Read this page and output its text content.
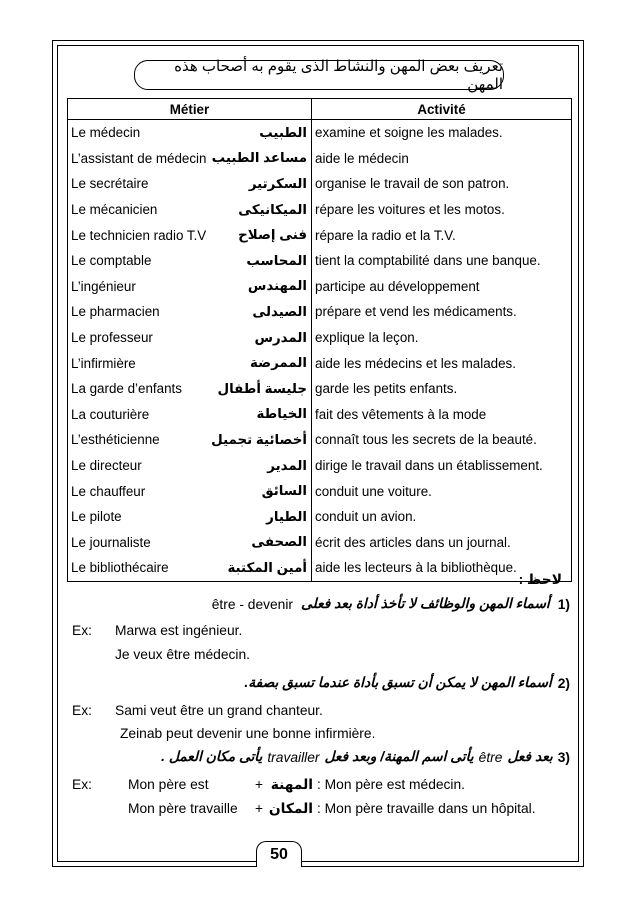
تعريف بعض المهن والنشاط الذى يقوم به أصحاب هذه المهن
Métier	Activité

Le médecin الطبيب	examine et soigne les malades.

L’assistant de médecin مساعد الطبيب	aide le médecin

Le secrétaire السكرتير	organise le travail de son patron.

Le mécanicien الميكانيكى	répare les voitures et les motos.

Le technicien radio T.V فنى إصلاح	répare la radio et la T.V.

Le comptable المحاسب	tient la comptabilité dans une banque.

L’ingénieur المهندس	participe au développement

Le pharmacien الصيدلى	prépare et vend les médicaments.

Le professeur المدرس	explique la leçon.

L’infirmière الممرضة	aide les médecins et les malades.

La garde d’enfants جليسة أطفال	garde les petits enfants.

La couturière الخياطة	fait des vêtements à la mode

L’esthéticienne أخصائية تجميل	connaît tous les secrets de la beauté.

Le directeur المدير	dirige le travail dans un établissement.

Le chauffeur السائق	conduit une voiture.

Le pilote الطيار	conduit un avion.

Le journaliste الصحفى	écrit des articles dans un journal.

Le bibliothécaire أمين المكتبة	aide les lecteurs à la bibliothèque.
لاحظ :
être - devenir أسماء المهن والوظائف لا تأخذ أداة بعد فعلى 1)
Ex: Marwa est ingénieur.
Je veux être médecin.
أسماء المهن لا يمكن أن تسبق بأداة عندما تسبق بصفة. 2)
Ex: Sami veut être un grand chanteur.
Zeinab peut devenir une bonne infirmière.
يأتى مكان العمل . travailler يأتى اسم المهنة/ وبعد فعل être بعد فعل 3)
Ex:	Mon père est	+ المهنة : Mon père est médecin.
Mon père travaille + المكان : Mon père travaille dans un hôpital.
50
